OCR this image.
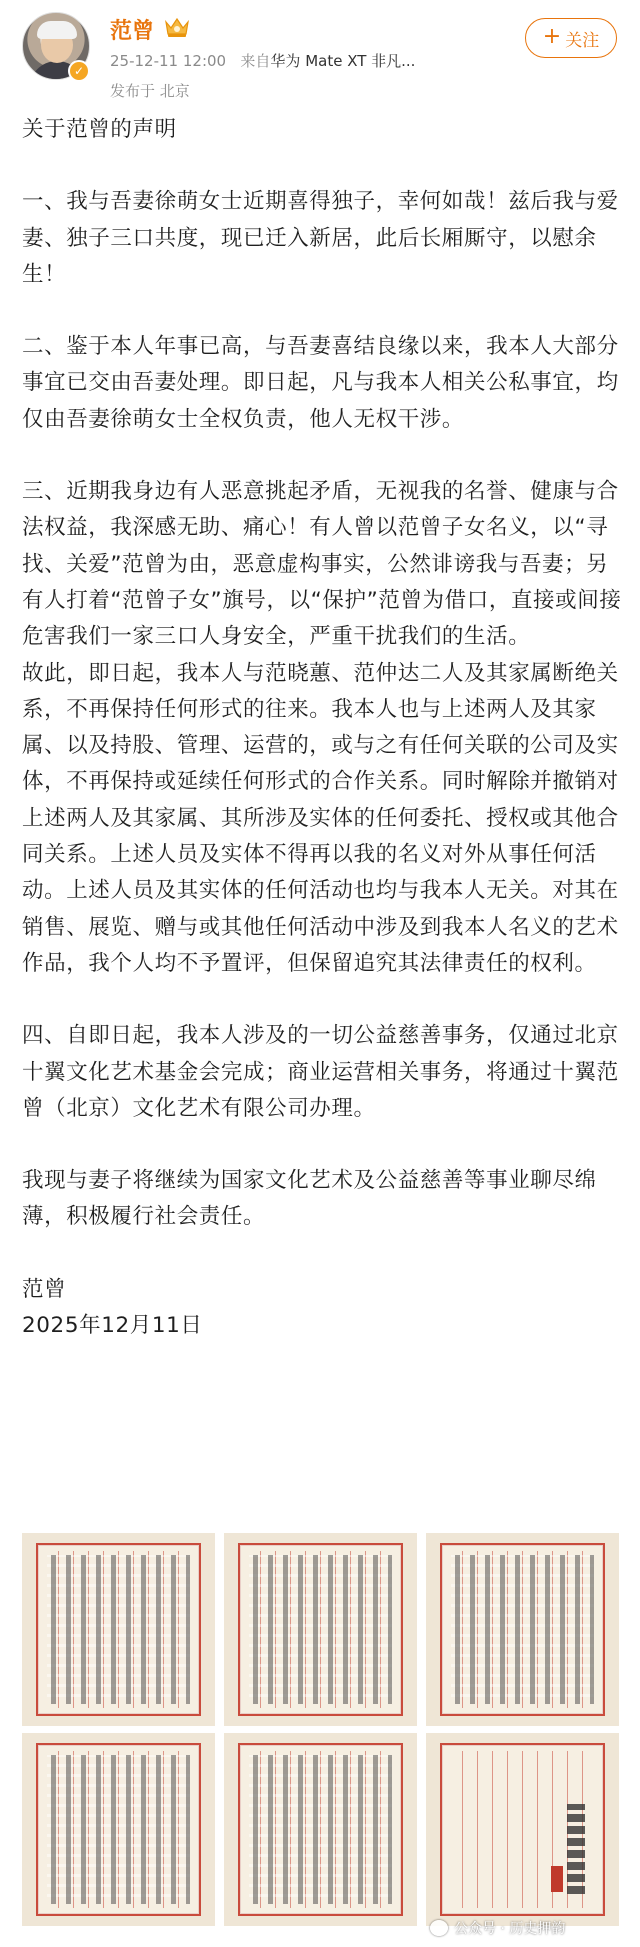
✓
范曾
25-12-11 12:00 来自华为 Mate XT 非凡...
发布于 北京
+ 关注

关于范曾的声明

一、我与吾妻徐萌女士近期喜得独子，幸何如哉！兹后我与爱妻、独子三口共度，现已迁入新居，此后长厢厮守，以慰余生！

二、鉴于本人年事已高，与吾妻喜结良缘以来，我本人大部分事宜已交由吾妻处理。即日起，凡与我本人相关公私事宜，均仅由吾妻徐萌女士全权负责，他人无权干涉。

三、近期我身边有人恶意挑起矛盾，无视我的名誉、健康与合法权益，我深感无助、痛心！有人曾以范曾子女名义，以“寻找、关爱”范曾为由，恶意虚构事实，公然诽谤我与吾妻；另有人打着“范曾子女”旗号，以“保护”范曾为借口，直接或间接危害我们一家三口人身安全，严重干扰我们的生活。

故此，即日起，我本人与范晓蕙、范仲达二人及其家属断绝关系，不再保持任何形式的往来。我本人也与上述两人及其家属、以及持股、管理、运营的，或与之有任何关联的公司及实体，不再保持或延续任何形式的合作关系。同时解除并撤销对上述两人及其家属、其所涉及实体的任何委托、授权或其他合同关系。上述人员及实体不得再以我的名义对外从事任何活动。上述人员及其实体的任何活动也均与我本人无关。对其在销售、展览、赠与或其他任何活动中涉及到我本人名义的艺术作品，我个人均不予置评，但保留追究其法律责任的权利。

四、自即日起，我本人涉及的一切公益慈善事务，仅通过北京十翼文化艺术基金会完成；商业运营相关事务，将通过十翼范曾（北京）文化艺术有限公司办理。

我现与妻子将继续为国家文化艺术及公益慈善等事业聊尽绵薄，积极履行社会责任。

范曾

2025年12月11日

公众号 · 历史押韵
